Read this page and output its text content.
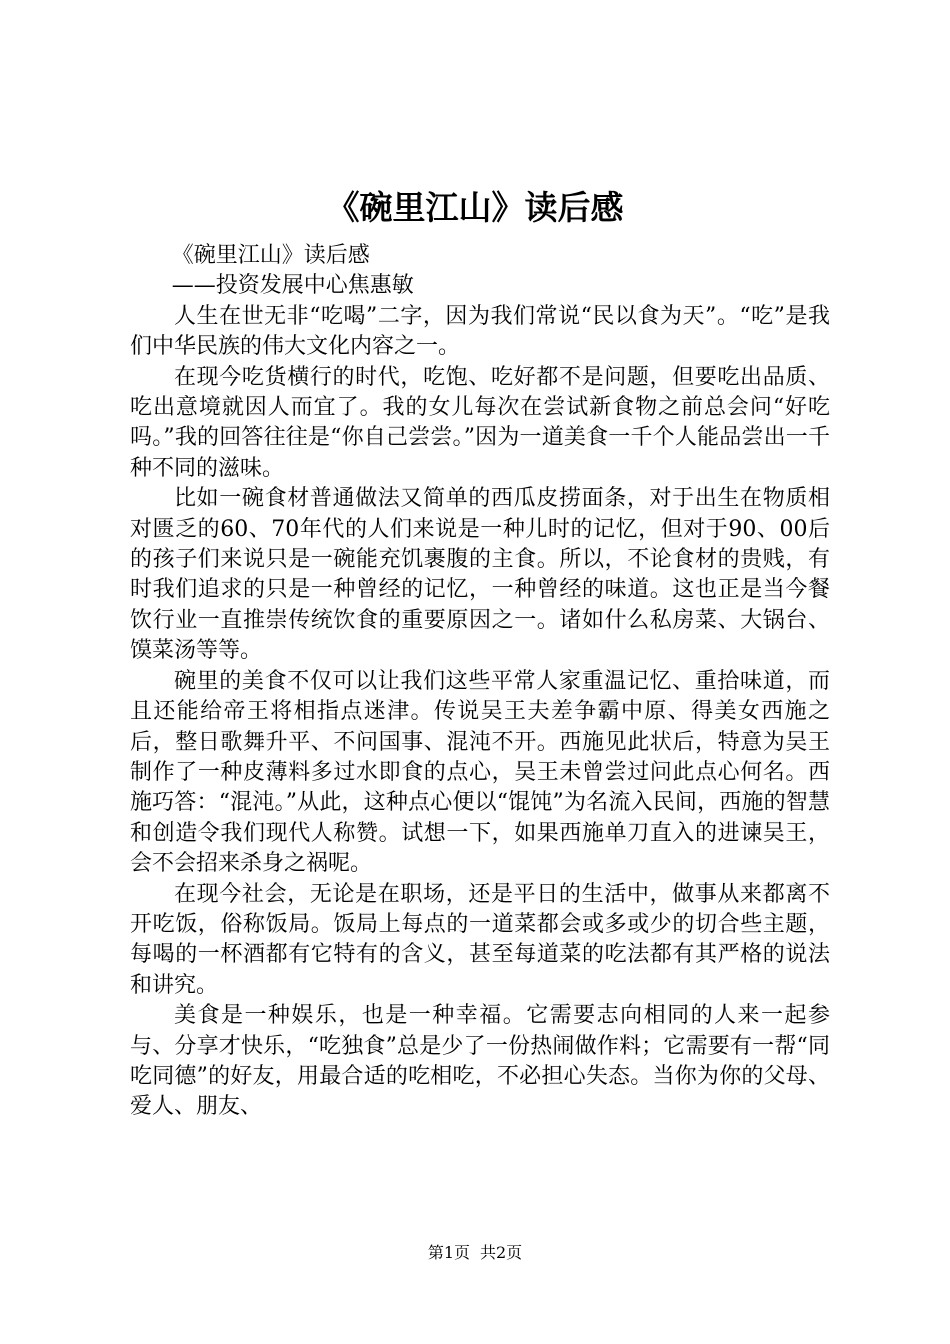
《碗里江山》读后感

《碗里江山》读后感

——投资发展中心焦惠敏

人生在世无非“吃喝”二字，因为我们常说“民以食为天”。“吃”是我们中华民族的伟大文化内容之一。

在现今吃货横行的时代，吃饱、吃好都不是问题，但要吃出品质、吃出意境就因人而宜了。我的女儿每次在尝试新食物之前总会问“好吃吗。”我的回答往往是“你自己尝尝。”因为一道美食一千个人能品尝出一千种不同的滋味。

比如一碗食材普通做法又简单的西瓜皮捞面条，对于出生在物质相对匮乏的60、70年代的人们来说是一种儿时的记忆，但对于90、00后的孩子们来说只是一碗能充饥裹腹的主食。所以，不论食材的贵贱，有时我们追求的只是一种曾经的记忆，一种曾经的味道。这也正是当今餐饮行业一直推崇传统饮食的重要原因之一。诸如什么私房菜、大锅台、馍菜汤等等。

碗里的美食不仅可以让我们这些平常人家重温记忆、重拾味道，而且还能给帝王将相指点迷津。传说吴王夫差争霸中原、得美女西施之后，整日歌舞升平、不问国事、混沌不开。西施见此状后，特意为吴王制作了一种皮薄料多过水即食的点心，吴王未曾尝过问此点心何名。西施巧答：“混沌。”从此，这种点心便以“馄饨”为名流入民间，西施的智慧和创造令我们现代人称赞。试想一下，如果西施单刀直入的进谏吴王，会不会招来杀身之祸呢。

在现今社会，无论是在职场，还是平日的生活中，做事从来都离不开吃饭，俗称饭局。饭局上每点的一道菜都会或多或少的切合些主题，每喝的一杯酒都有它特有的含义，甚至每道菜的吃法都有其严格的说法和讲究。

美食是一种娱乐，也是一种幸福。它需要志向相同的人来一起参与、分享才快乐，“吃独食”总是少了一份热闹做作料；它需要有一帮“同吃同德”的好友，用最合适的吃相吃，不必担心失态。当你为你的父母、爱人、朋友、

第1页 共2页
